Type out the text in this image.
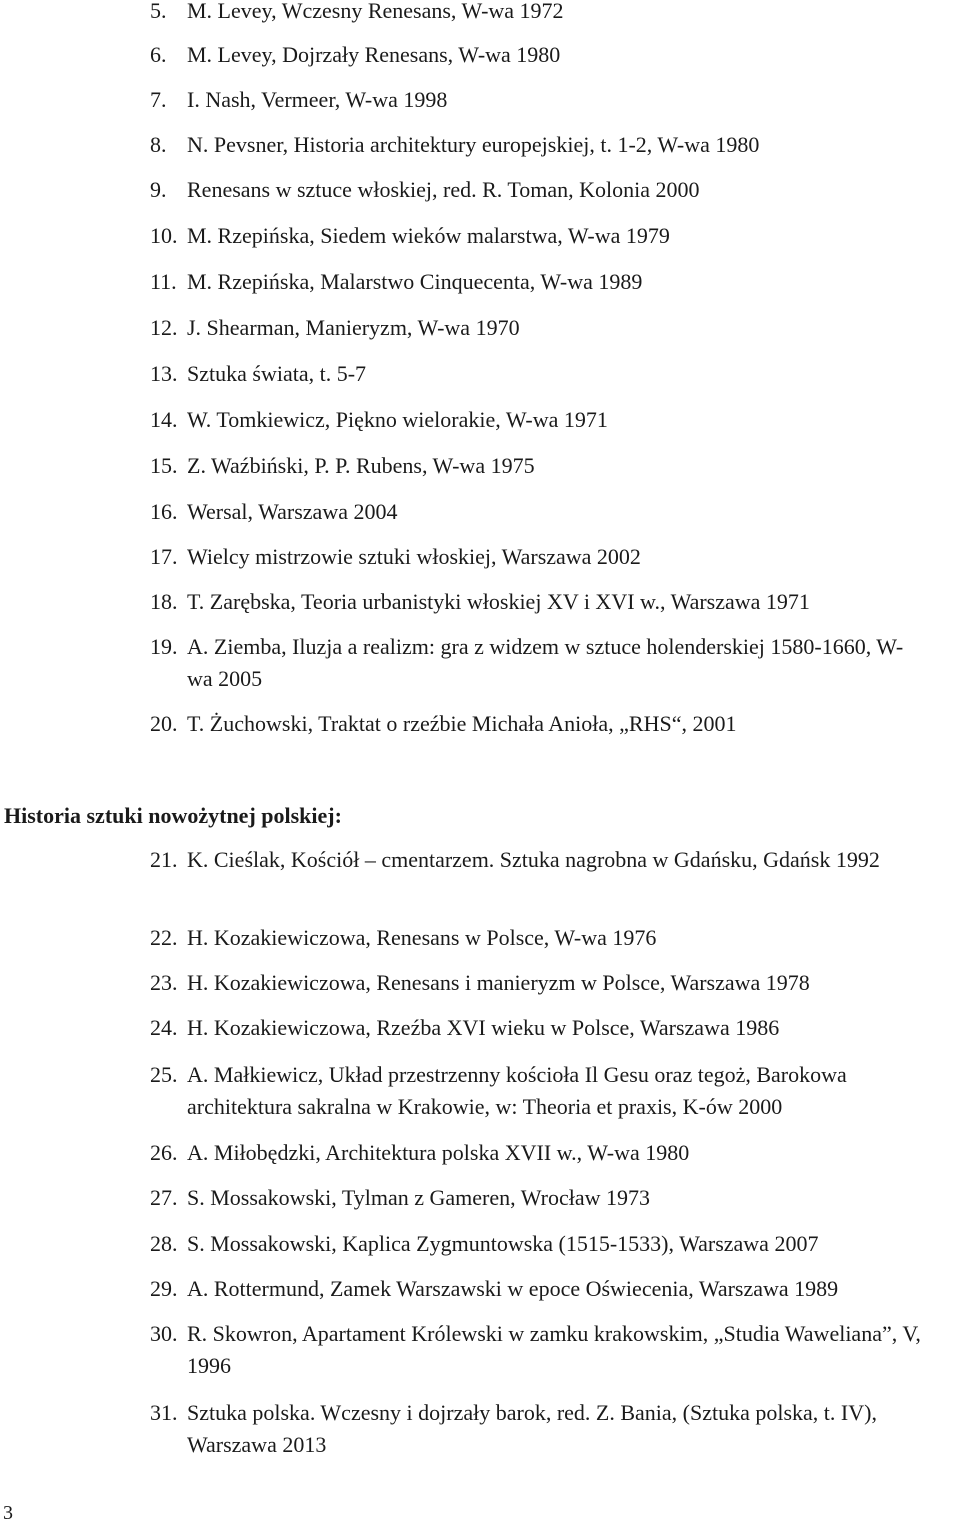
5. M. Levey, Wczesny Renesans, W-wa 1972
6. M. Levey, Dojrzały Renesans, W-wa 1980
7. I. Nash, Vermeer, W-wa 1998
8. N. Pevsner, Historia architektury europejskiej, t. 1-2, W-wa 1980
9. Renesans w sztuce włoskiej, red. R. Toman, Kolonia 2000
10. M. Rzepińska, Siedem wieków malarstwa, W-wa 1979
11. M. Rzepińska, Malarstwo Cinquecenta, W-wa 1989
12. J. Shearman, Manieryzm, W-wa 1970
13. Sztuka świata, t. 5-7
14. W. Tomkiewicz, Piękno wielorakie, W-wa 1971
15. Z. Waźbiński, P. P. Rubens, W-wa 1975
16. Wersal, Warszawa 2004
17. Wielcy mistrzowie sztuki włoskiej, Warszawa 2002
18. T. Zarębska, Teoria urbanistyki włoskiej XV i XVI w., Warszawa 1971
19. A. Ziemba, Iluzja a realizm: gra z widzem w sztuce holenderskiej 1580-1660, W-wa 2005
20. T. Żuchowski, Traktat o rzeźbie Michała Anioła, „RHS“, 2001
Historia sztuki nowożytnej polskiej:
21. K. Cieślak, Kościół – cmentarzem. Sztuka nagrobna w Gdańsku, Gdańsk 1992
22. H. Kozakiewiczowa, Renesans w Polsce, W-wa 1976
23. H. Kozakiewiczowa, Renesans i manieryzm w Polsce, Warszawa 1978
24. H. Kozakiewiczowa, Rzeźba XVI wieku w Polsce, Warszawa 1986
25. A. Małkiewicz, Układ przestrzenny kościoła Il Gesu oraz tegoż, Barokowa architektura sakralna w Krakowie, w: Theoria et praxis, K-ów 2000
26. A. Miłobędzki, Architektura polska XVII w., W-wa 1980
27. S. Mossakowski, Tylman z Gameren, Wrocław 1973
28. S. Mossakowski, Kaplica Zygmuntowska (1515-1533), Warszawa 2007
29. A. Rottermund, Zamek Warszawski w epoce Oświecenia, Warszawa 1989
30. R. Skowron, Apartament Królewski w zamku krakowskim, „Studia Waweliana”, V, 1996
31. Sztuka polska. Wczesny i dojrzały barok, red. Z. Bania, (Sztuka polska, t. IV), Warszawa 2013
3
